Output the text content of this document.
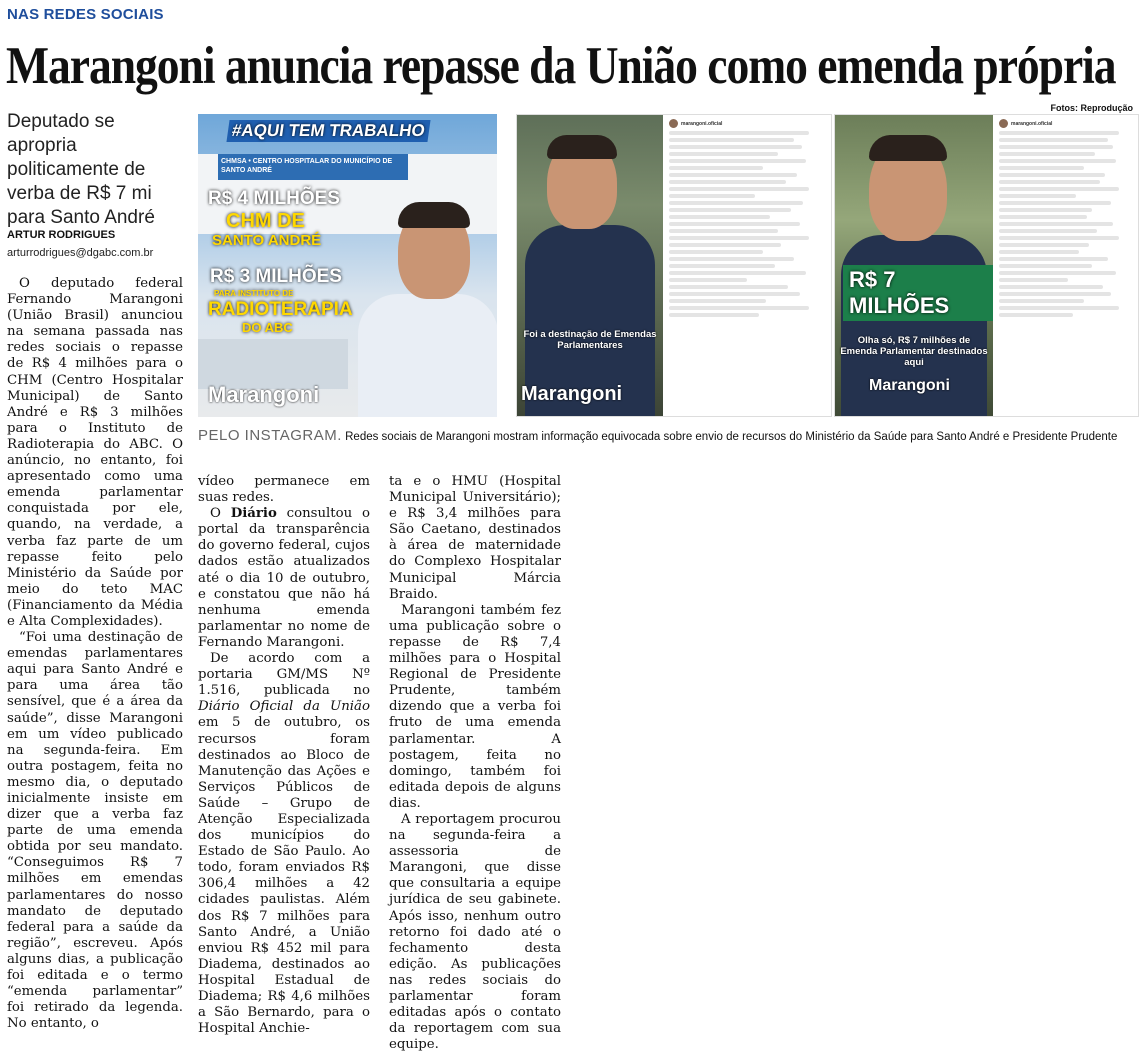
NAS REDES SOCIAIS
Marangoni anuncia repasse da União como emenda própria
Fotos: Reprodução
Deputado se apropria politicamente de verba de R$ 7 mi para Santo André
ARTUR RODRIGUES
arturrodrigues@dgabc.com.br
CHMSA • CENTRO HOSPITALAR DO MUNICÍPIO DE SANTO ANDRÉ
#AQUI TEM TRABALHO
R$ 4 MILHÕES
CHM DE
SANTO ANDRÉ
R$ 3 MILHÕES
PARA INSTITUTO DE
RADIOTERAPIA
DO ABC
Marangoni
Foi a destinação de Emendas Parlamentares
Marangoni
marangoni.oficial
R$ 7 MILHÕES
Olha só, R$ 7 milhões de Emenda Parlamentar destinados aqui
Marangoni
marangoni.oficial
PELO INSTAGRAM. Redes sociais de Marangoni mostram informação equivocada sobre envio de recursos do Ministério da Saúde para Santo André e Presidente Prudente

O deputado federal Fernando Marangoni (União Brasil) anunciou na semana passada nas redes sociais o repasse de R$ 4 milhões para o CHM (Centro Hospitalar Municipal) de Santo André e R$ 3 milhões para o Instituto de Radioterapia do ABC. O anúncio, no entanto, foi apresentado como uma emenda parlamentar conquistada por ele, quando, na verdade, a verba faz parte de um repasse feito pelo Ministério da Saúde por meio do teto MAC (Financiamento da Média e Alta Complexidades).

“Foi uma destinação de emendas parlamentares aqui para Santo André e para uma área tão sensível, que é a área da saúde”, disse Marangoni em um vídeo publicado na segunda-feira. Em outra postagem, feita no mesmo dia, o deputado inicialmente insiste em dizer que a verba faz parte de uma emenda obtida por seu mandato. “Conseguimos R$ 7 milhões em emendas parlamentares do nosso mandato de deputado federal para a saúde da região”, escreveu. Após alguns dias, a publicação foi editada e o termo “emenda parlamentar” foi retirado da legenda. No entanto, o

vídeo permanece em suas redes.

O Diário consultou o portal da transparência do governo federal, cujos dados estão atualizados até o dia 10 de outubro, e constatou que não há nenhuma emenda parlamentar no nome de Fernando Marangoni.

De acordo com a portaria GM/MS Nº 1.516, publicada no Diário Oficial da União em 5 de outubro, os recursos foram destinados ao Bloco de Manutenção das Ações e Serviços Públicos de Saúde – Grupo de Atenção Especializada dos municípios do Estado de São Paulo. Ao todo, foram enviados R$ 306,4 milhões a 42 cidades paulistas. Além dos R$ 7 milhões para Santo André, a União enviou R$ 452 mil para Diadema, destinados ao Hospital Estadual de Diadema; R$ 4,6 milhões a São Bernardo, para o Hospital Anchie-

ta e o HMU (Hospital Municipal Universitário); e R$ 3,4 milhões para São Caetano, destinados à área de maternidade do Complexo Hospitalar Municipal Márcia Braido.

Marangoni também fez uma publicação sobre o repasse de R$ 7,4 milhões para o Hospital Regional de Presidente Prudente, também dizendo que a verba foi fruto de uma emenda parlamentar. A postagem, feita no domingo, também foi editada depois de alguns dias.

A reportagem procurou na segunda-feira a assessoria de Marangoni, que disse que consultaria a equipe jurídica de seu gabinete. Após isso, nenhum outro retorno foi dado até o fechamento desta edição. As publicações nas redes sociais do parlamentar foram editadas após o contato da reportagem com sua equipe.
